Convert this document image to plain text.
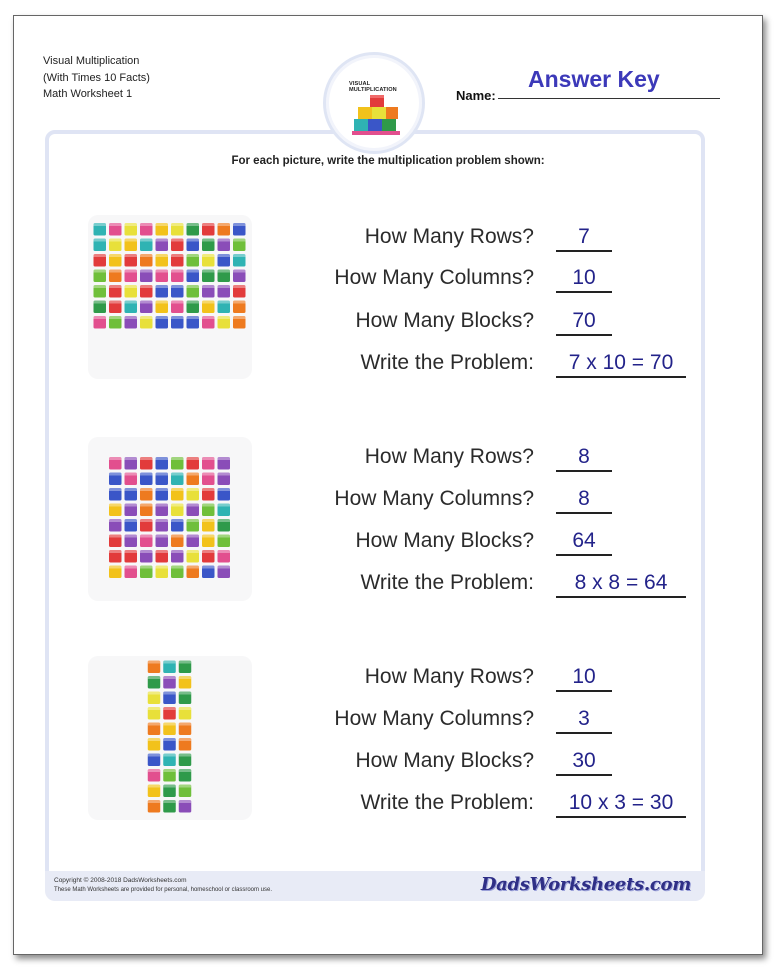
Visual Multiplication
(With Times 10 Facts)
Math Worksheet 1
VISUAL
MULTIPLICATION	Name:
Answer Key
For each picture, write the multiplication problem shown:
How Many Rows?	7
How Many Columns?	10
How Many Blocks?	70
Write the Problem:	7 x 10 = 70
How Many Rows?	8
How Many Columns?	8
How Many Blocks?	64
Write the Problem:	8 x 8 = 64
How Many Rows?	10
How Many Columns?	3
How Many Blocks?	30
Write the Problem:	10 x 3 = 30
Copyright © 2008-2018 DadsWorksheets.com
These Math Worksheets are provided for personal, homeschool or classroom use.	DadsWorksheets.com
